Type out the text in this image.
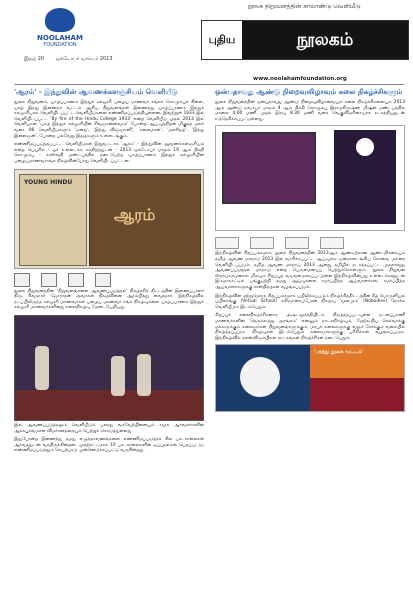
NOOLAHAM
FOUNDATION
இதழ் 20 ஒக்டோபர் டிசம்பர் 2013
நூலக நிறுவனத்தின் காலாண்டு வெளியீடு
புதிய	நூலகம்
www.noolahamfoundation.org
'ஆரம்' - இந்துவின் ஆவணக்களஞ்சியம் வெளியீடு
நூலக நிறுவனம், யாழ்ப்பாணம் இந்துக் கல்லூரி பழைய மாணவர் சங்கக் கொழும்புக் கிளை, யாழ் இந்து இணைநர் வட்டம் ஆகிய நிறுவனங்கள் இணைந்து யாழ்ப்பாணம் இந்துக் கல்லூரியால் வெளியிடப்பட்ட வெளியீடுகளை எண்ணிமப்படுத்தியுள்ளன. இவற்றுள் 1933 இல் வெளியிடப்பட்ட 'By fire of the Hindu College 1933' என்ற வெளியீடு முதல் 2013 இல் வெளியான 'யாழ் இந்துக் கல்லூரியின் சிவஞானவைரம்' போன்ற ஆய்வுத்திறன் மிகுந்த மலர் வரை 06 வெளியீடுகளும் 'மறை', 'இந்து விஞ்ஞானி', 'கலைமகள்', 'மலரிதழ்', 'இந்து இளைஞன்', போன்ற பல்வேறு இதழ்களும் உள்ளடங்கும்.
எண்ணிமப்படுத்தப்பட்ட வெளியீடுகள் இறுவட்டாக 'ஆரம்' - இந்துவின் ஆவணக்களஞ்சியம் என்ற பெயரில் - ஓர் உள்ளடக்க சுகதிறந்துடன் - 2013 ஒக்டோபர் மாதம் 19 ஆம் திகதி கொழும்பு - சரஸ்வதி மண்டபத்தில் நடைபெற்ற யாழ்ப்பாணம் இந்துக் கல்லூரியின் பழையமாணவர்சங்க நிகழ்வின்போது வெளியிடப்பட்டன.
YOUNG HINDU
ஆரம்

நூலக நிறுவனத்தின் 'நிறுவனங்களை ஆவணப்படுத்தல்' நிகழ்ச்சித் திட்டத்தின் இணைப்பாளர் திரு. சிவதாசா் ஜோராதன் அவர்கள் நிகழ்வினை ஆரம்பித்து வைத்தார். இந்நிகழ்வில் நடப்பிலிருந்த கல்லூரி மாணவர்கள் பழைய மாணவர் சங்க நிகழ்வுகளை யாழ்ப்பாணம் இந்துக் கல்லூரி மாணவர்களினது கலைநிகழ்வு மேடையேறியது.
இவ் ஆவணப்படுத்தலும் வெளியீடும் பலரது வரவேற்பினையும் சமூக ஆர்வலர்களின் ஆக்கபூர்வமான விமர்சனத்தையும் பெற்றுக் கொடுத்துள்ளது.
இதுபோன்ற இணைந்து தமது எழுத்தாவணங்களை எண்ணிமப்படுத்தக் கில பாடசாலைகள் ஆர்வத்துடன் வந்திருக்கின்றன. முதற்கட்டமாக 10 பாடசாலைகளின் ஒப்புதல்கள் பெறப்பட்டு, எண்ணிமப்படுத்தும் செயற்பாடு முன்னெடுக்கப்பட்டு வருகின்றது.
ஒன்பதாவது ஆண்டு நிறைவுவிழாவும் கலை நிகழ்ச்சிகளும்
நூலக நிறுவனத்தின் ஒன்பதாவது ஆண்டு நிறைவுவிழாவையும் கலை நிகழ்ச்சிகளையும் 2013 ஆம் ஆண்டு நவம்பர் மாதம் 4 ஆம் திகதி கொழும்பு இராமகிருஷ்ண மிஷன் மண்டபத்தில் மாலை 4.00 மணி முதல் இரவு 8.30 மணி வரை வெகுவிமரிசையாக நடாத்தியதுடன் உத்தேசிக்கப்பட்டுள்ளது.

இந்நிகழ்வின் சிறப்பம்சமாக, நூலக நிறுவனத்தின் 2013ஆம் ஆண்டிற்கான ஆண்டறிக்கையும் தமிழ் ஆவண மாநாடு 2013 இல் வாசிக்கப்பட்ட ஆய்வுக்கட்டுரைகளடங்கிய கோவை மல்ரை வெளியிடப்படும். தமிழ் ஆவண மாநாடு 2013 ஆனது தமிழில் நடாத்தப்பட்ட முதலாவது ஆவணப்படுத்தல் மாநாடு என்ற பெருமையைப் பெற்றுக்கொள்ளும். நூலக நிறுவன ஸ்தாபகருமனால் மிகவும் சிறப்புற வடிவமைக்கப்பட்டுள்ள இந்நிகழ்வின்பது உள்ளடக்கத்துடன் இம்மாநாட்டில் பங்குபற்றி தமது ஆய்வுகளை சமர்ப்பித்த ஆய்வாளர்கள், சமர்ப்பித்த ஆய்வாளர்களுக்கு சான்றிதழ்கள் வழங்கப்படும்.
இந்நிகழ்வின் மற்றுமொரு சிறப்பம்சமாக பயிலிக்கப்படும் நிகழ்ச்சித்திட்டத்தின் கீழ் பொருளியல் பயிலரங்கு (Virtual School) சுகிஞானாப்பேரன் நிகழ்வு 'மூலமும்' (Nobodies) நோக்க வெளியீடும் இடம்பெறும்.
சிறப்புக் கலைநிகழ்ச்சிகளாக அஷ்டமூர்த்தியிடம் நிகழ்த்தப்படவுள்ள நடனப்பாணி மாணவர்களின் 'தெருக்கூத்து அரங்கம்' என்னும் நாடகநிகழ்வும், மேற்கூறிய செல்வாக்கு மக்களுக்கும் கலைஞர்கள் நிறுவனங்களுக்கும், மரபுக் கலைகளுக்கு வலுச் சேர்க்கும் வகையில் நிகழ்த்தப்படும். நிகழ்வுகள் இடம்பெறும் கலைஞர்களுக்கு பரிசில்கள் வழங்கப்படும். இந்நிகழ்வில் நலன்விரும்பிகள் நாடகங்கள் நிகழ்ச்சிகள் நடைபெறும்.
'பரந்து நூலக வட்டம்'
